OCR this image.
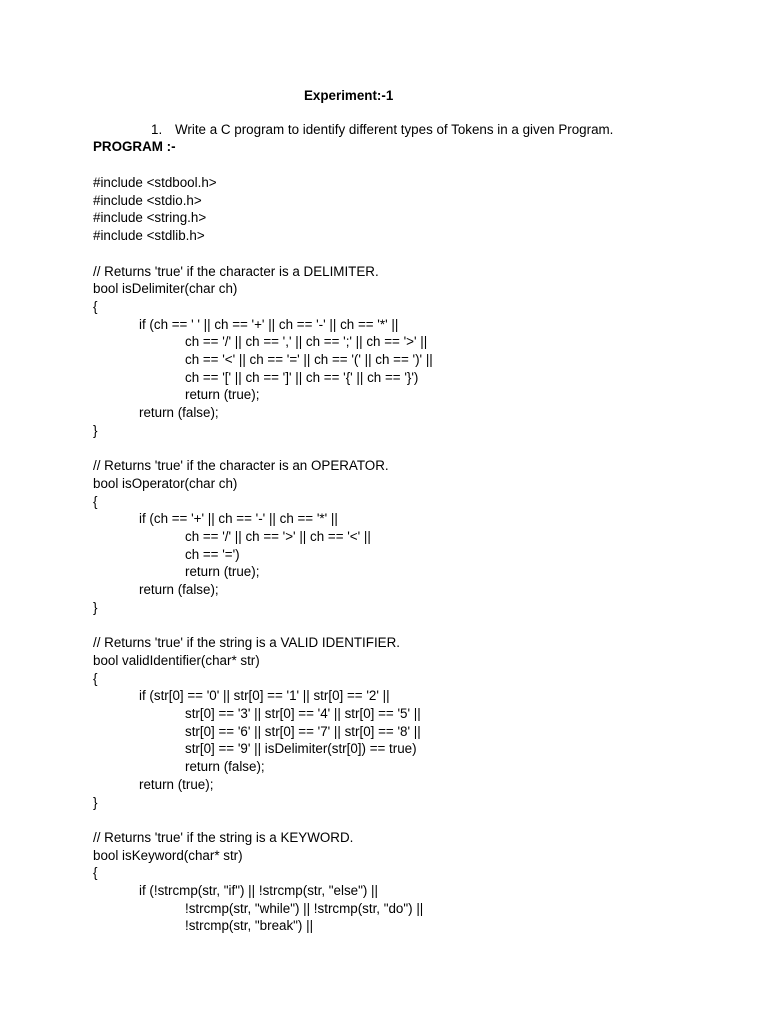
Experiment:-1
1. Write a C program to identify different types of Tokens in a given Program.
PROGRAM :-
#include <stdbool.h>
#include <stdio.h>
#include <string.h>
#include <stdlib.h>
// Returns 'true' if the character is a DELIMITER.
bool isDelimiter(char ch)
{
if (ch == ' ' || ch == '+' || ch == '-' || ch == '*' ||
ch == '/' || ch == ',' || ch == ';' || ch == '>' ||
ch == '<' || ch == '=' || ch == '(' || ch == ')' ||
ch == '[' || ch == ']' || ch == '{' || ch == '}')
return (true);
return (false);
}
// Returns 'true' if the character is an OPERATOR.
bool isOperator(char ch)
{
if (ch == '+' || ch == '-' || ch == '*' ||
ch == '/' || ch == '>' || ch == '<' ||
ch == '=')
return (true);
return (false);
}
// Returns 'true' if the string is a VALID IDENTIFIER.
bool validIdentifier(char* str)
{
if (str[0] == '0' || str[0] == '1' || str[0] == '2' ||
str[0] == '3' || str[0] == '4' || str[0] == '5' ||
str[0] == '6' || str[0] == '7' || str[0] == '8' ||
str[0] == '9' || isDelimiter(str[0]) == true)
return (false);
return (true);
}
// Returns 'true' if the string is a KEYWORD.
bool isKeyword(char* str)
{
if (!strcmp(str, "if") || !strcmp(str, "else") ||
!strcmp(str, "while") || !strcmp(str, "do") ||
!strcmp(str, "break") ||
